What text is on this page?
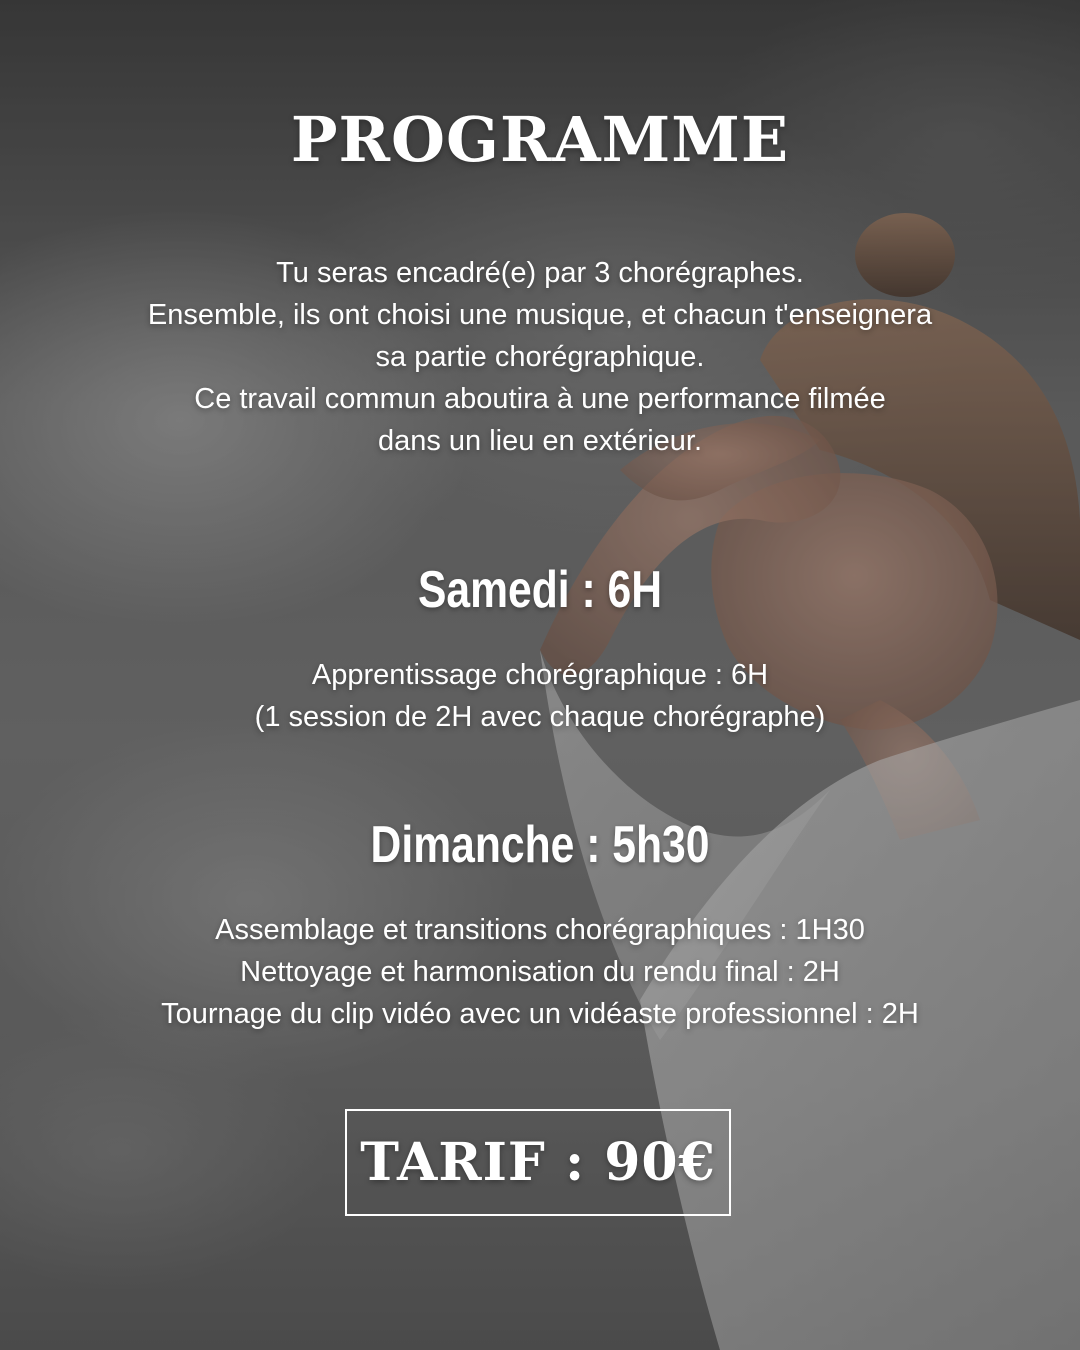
PROGRAMME
Tu seras encadré(e) par 3 chorégraphes.
Ensemble, ils ont choisi une musique, et chacun t'enseignera
sa partie chorégraphique.
Ce travail commun aboutira à une performance filmée
dans un lieu en extérieur.
Samedi : 6H
Apprentissage chorégraphique : 6H
(1 session de 2H avec chaque chorégraphe)
Dimanche : 5h30
Assemblage et transitions chorégraphiques : 1H30
Nettoyage et harmonisation du rendu final : 2H
Tournage du clip vidéo avec un vidéaste professionnel : 2H
TARIF : 90€
